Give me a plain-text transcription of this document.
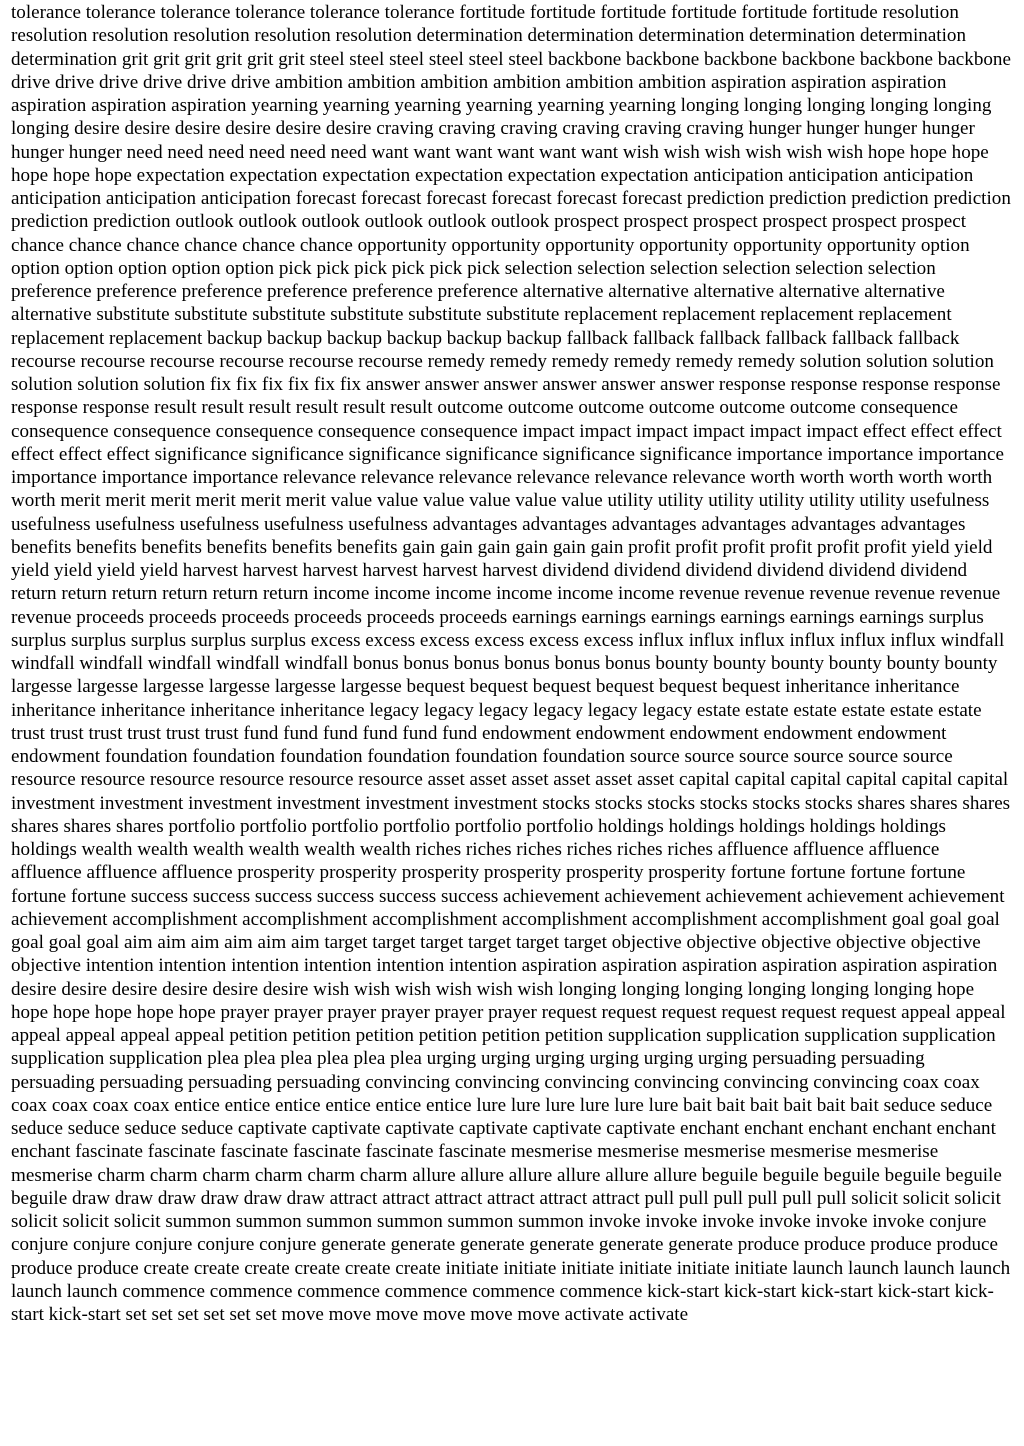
tolerance tolerance tolerance tolerance tolerance tolerance fortitude fortitude fortitude fortitude fortitude fortitude resolution resolution resolution resolution resolution resolution determination determination determination determination determination determination grit grit grit grit grit grit steel steel steel steel steel steel backbone backbone backbone backbone backbone backbone drive drive drive drive drive drive ambition ambition ambition ambition ambition ambition aspiration aspiration aspiration aspiration aspiration aspiration yearning yearning yearning yearning yearning yearning longing longing longing longing longing longing desire desire desire desire desire desire craving craving craving craving craving craving hunger hunger hunger hunger hunger hunger need need need need need need want want want want want want wish wish wish wish wish wish hope hope hope hope hope hope expectation expectation expectation expectation expectation expectation anticipation anticipation anticipation anticipation anticipation anticipation forecast forecast forecast forecast forecast forecast prediction prediction prediction prediction prediction prediction outlook outlook outlook outlook outlook outlook prospect prospect prospect prospect prospect prospect chance chance chance chance chance chance opportunity opportunity opportunity opportunity opportunity opportunity option option option option option option pick pick pick pick pick pick selection selection selection selection selection selection preference preference preference preference preference preference alternative alternative alternative alternative alternative alternative substitute substitute substitute substitute substitute substitute replacement replacement replacement replacement replacement replacement backup backup backup backup backup backup fallback fallback fallback fallback fallback fallback recourse recourse recourse recourse recourse recourse remedy remedy remedy remedy remedy remedy solution solution solution solution solution solution fix fix fix fix fix fix answer answer answer answer answer answer response response response response response response result result result result result result outcome outcome outcome outcome outcome outcome consequence consequence consequence consequence consequence consequence impact impact impact impact impact impact effect effect effect effect effect effect significance significance significance significance significance significance importance importance importance importance importance importance relevance relevance relevance relevance relevance relevance worth worth worth worth worth worth merit merit merit merit merit merit value value value value value value utility utility utility utility utility utility usefulness usefulness usefulness usefulness usefulness usefulness advantages advantages advantages advantages advantages advantages benefits benefits benefits benefits benefits benefits gain gain gain gain gain gain profit profit profit profit profit profit yield yield yield yield yield yield harvest harvest harvest harvest harvest harvest dividend dividend dividend dividend dividend dividend return return return return return return income income income income income income revenue revenue revenue revenue revenue revenue proceeds proceeds proceeds proceeds proceeds proceeds earnings earnings earnings earnings earnings earnings surplus surplus surplus surplus surplus surplus excess excess excess excess excess excess influx influx influx influx influx influx windfall windfall windfall windfall windfall windfall bonus bonus bonus bonus bonus bonus bounty bounty bounty bounty bounty bounty largesse largesse largesse largesse largesse largesse bequest bequest bequest bequest bequest bequest inheritance inheritance inheritance inheritance inheritance inheritance legacy legacy legacy legacy legacy legacy estate estate estate estate estate estate trust trust trust trust trust trust fund fund fund fund fund fund endowment endowment endowment endowment endowment endowment foundation foundation foundation foundation foundation foundation source source source source source source resource resource resource resource resource resource asset asset asset asset asset asset capital capital capital capital capital capital investment investment investment investment investment investment stocks stocks stocks stocks stocks stocks shares shares shares shares shares shares portfolio portfolio portfolio portfolio portfolio portfolio holdings holdings holdings holdings holdings holdings wealth wealth wealth wealth wealth wealth riches riches riches riches riches riches affluence affluence affluence affluence affluence affluence prosperity prosperity prosperity prosperity prosperity prosperity fortune fortune fortune fortune fortune fortune success success success success success success achievement achievement achievement achievement achievement achievement accomplishment accomplishment accomplishment accomplishment accomplishment accomplishment goal goal goal goal goal goal aim aim aim aim aim aim target target target target target target objective objective objective objective objective objective intention intention intention intention intention intention aspiration aspiration aspiration aspiration aspiration aspiration desire desire desire desire desire desire wish wish wish wish wish wish longing longing longing longing longing longing hope hope hope hope hope hope prayer prayer prayer prayer prayer prayer request request request request request request appeal appeal appeal appeal appeal appeal petition petition petition petition petition petition supplication supplication supplication supplication supplication supplication plea plea plea plea plea plea urging urging urging urging urging urging persuading persuading persuading persuading persuading persuading convincing convincing convincing convincing convincing convincing coax coax coax coax coax coax entice entice entice entice entice entice lure lure lure lure lure lure bait bait bait bait bait bait seduce seduce seduce seduce seduce seduce captivate captivate captivate captivate captivate captivate enchant enchant enchant enchant enchant enchant fascinate fascinate fascinate fascinate fascinate fascinate mesmerise mesmerise mesmerise mesmerise mesmerise mesmerise charm charm charm charm charm charm allure allure allure allure allure allure beguile beguile beguile beguile beguile beguile draw draw draw draw draw draw attract attract attract attract attract attract pull pull pull pull pull pull solicit solicit solicit solicit solicit solicit summon summon summon summon summon summon invoke invoke invoke invoke invoke invoke conjure conjure conjure conjure conjure conjure generate generate generate generate generate generate produce produce produce produce produce produce create create create create create create initiate initiate initiate initiate initiate initiate launch launch launch launch launch launch commence commence commence commence commence commence kick-start kick-start kick-start kick-start kick-start kick-start set set set set set set move move move move move move activate activate
